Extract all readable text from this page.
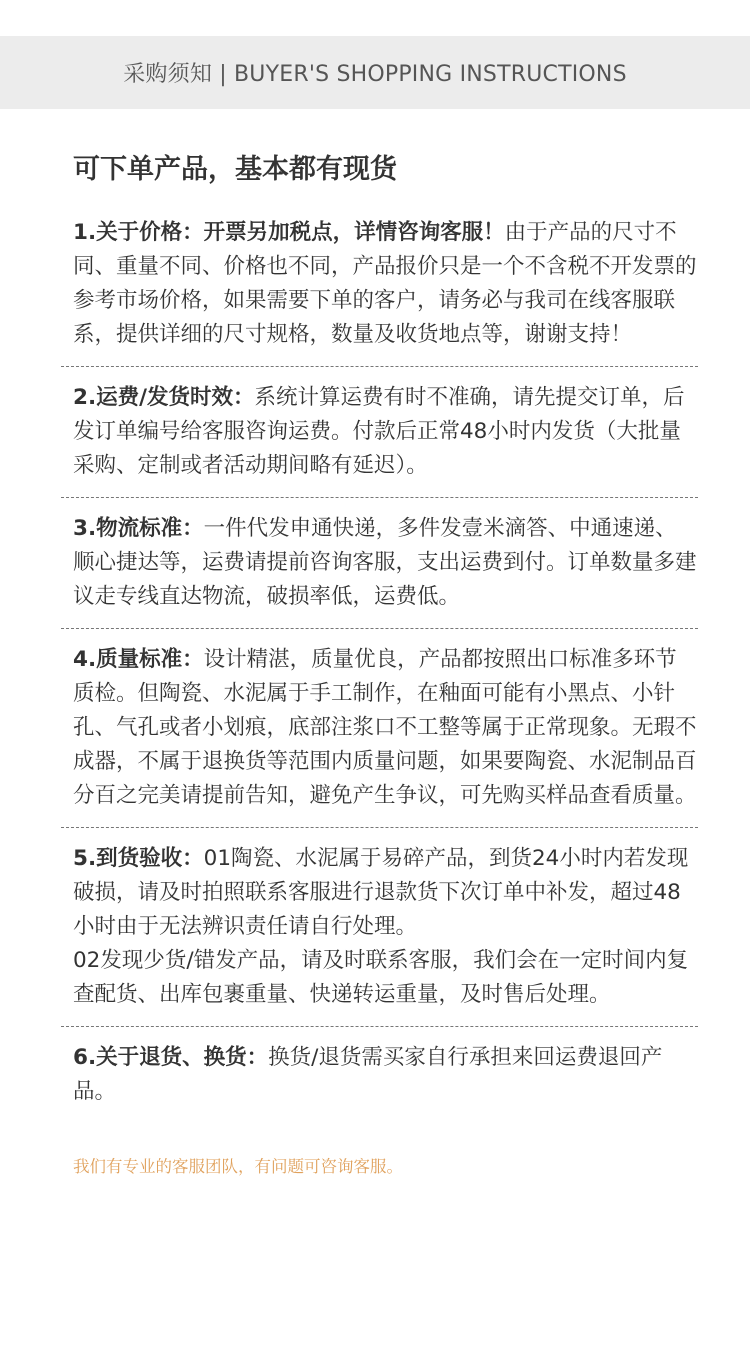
采购须知 | BUYER'S SHOPPING INSTRUCTIONS
可下单产品，基本都有现货

1.关于价格：开票另加税点，详情咨询客服！由于产品的尺寸不同、重量不同、价格也不同，产品报价只是一个不含税不开发票的参考市场价格，如果需要下单的客户，请务必与我司在线客服联系，提供详细的尺寸规格，数量及收货地点等，谢谢支持！

2.运费/发货时效：系统计算运费有时不准确，请先提交订单，后发订单编号给客服咨询运费。付款后正常48小时内发货（大批量采购、定制或者活动期间略有延迟）。

3.物流标准：一件代发申通快递，多件发壹米滴答、中通速递、顺心捷达等，运费请提前咨询客服，支出运费到付。订单数量多建议走专线直达物流，破损率低，运费低。

4.质量标准：设计精湛，质量优良，产品都按照出口标准多环节质检。但陶瓷、水泥属于手工制作，在釉面可能有小黑点、小针孔、气孔或者小划痕，底部注浆口不工整等属于正常现象。无瑕不成器，不属于退换货等范围内质量问题，如果要陶瓷、水泥制品百分百之完美请提前告知，避免产生争议，可先购买样品查看质量。

5.到货验收：01陶瓷、水泥属于易碎产品，到货24小时内若发现破损，请及时拍照联系客服进行退款货下次订单中补发，超过48小时由于无法辨识责任请自行处理。

02发现少货/错发产品，请及时联系客服，我们会在一定时间内复查配货、出库包裹重量、快递转运重量，及时售后处理。

6.关于退货、换货：换货/退货需买家自行承担来回运费退回产品。

我们有专业的客服团队，有问题可咨询客服。
